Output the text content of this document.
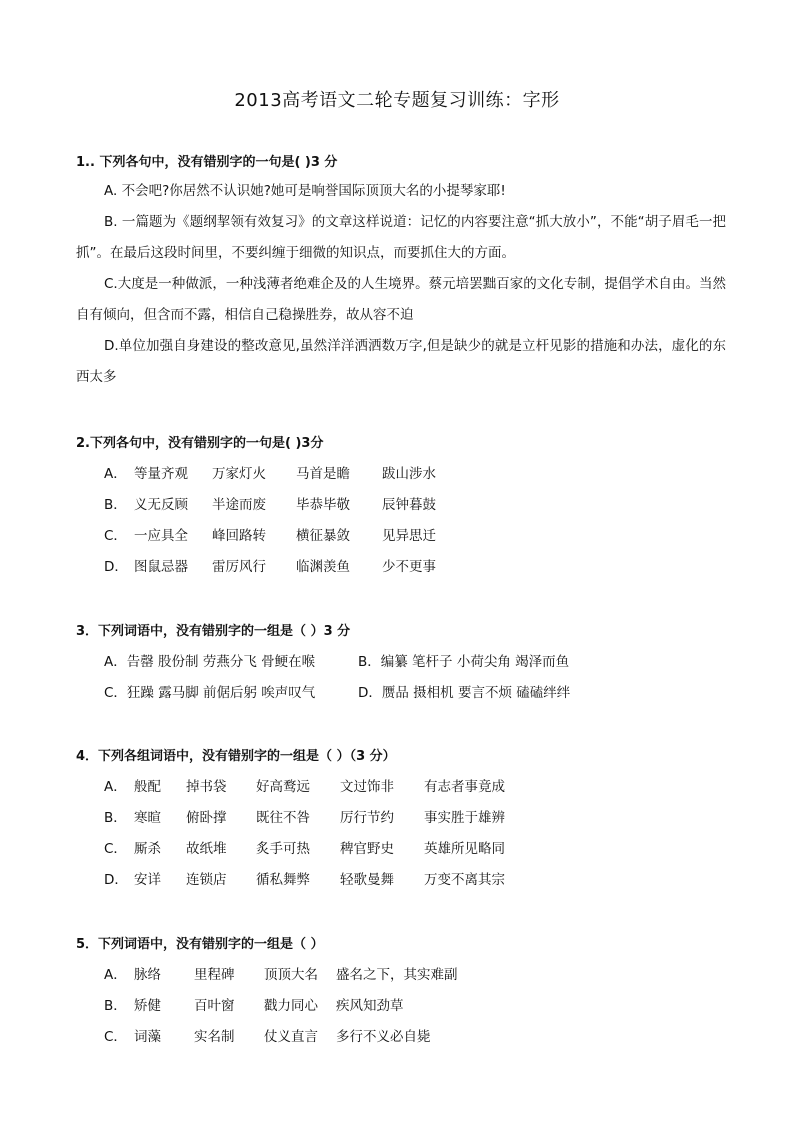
2013高考语文二轮专题复习训练：字形
1.. 下列各句中，没有错别字的一句是( )3 分
A. 不会吧?你居然不认识她?她可是响誉国际顶顶大名的小提琴家耶!
B. 一篇题为《题纲挈领有效复习》的文章这样说道：记忆的内容要注意“抓大放小”，不能“胡子眉毛一把抓”。在最后这段时间里，不要纠缠于细微的知识点，而要抓住大的方面。
C.大度是一种做派，一种浅薄者绝难企及的人生境界。蔡元培罢黜百家的文化专制，提倡学术自由。当然自有倾向，但含而不露，相信自己稳操胜券，故从容不迫
D.单位加强自身建设的整改意见,虽然洋洋洒洒数万字,但是缺少的就是立杆见影的措施和办法，虚化的东西太多
2.下列各句中，没有错别字的一句是( )3分
A． 等量齐观	万家灯火	马首是瞻	跋山涉水
B． 义无反顾	半途而废	毕恭毕敬	辰钟暮鼓
C． 一应具全	峰回路转	横征暴敛	见异思迁
D． 图鼠忌器	雷厉风行	临渊羡鱼	少不更事
3．下列词语中，没有错别字的一组是（ ）3 分
A．告罄 股份制 劳燕分飞 骨鲠在喉	B．编纂 笔杆子 小荷尖角 竭泽而鱼
C．狂躁 露马脚 前倨后躬 唉声叹气	D．赝品 摄相机 要言不烦 磕磕绊绊
4．下列各组词语中，没有错别字的一组是（ ）（3 分）
A． 般配	掉书袋	好高鹜远	文过饰非	有志者事竟成
B． 寒暄	俯卧撑	既往不咎	厉行节约	事实胜于雄辨
C． 厮杀	故纸堆	炙手可热	稗官野史	英雄所见略同
D． 安详	连锁店	循私舞弊	轻歌曼舞	万变不离其宗
5．下列词语中，没有错别字的一组是（ ）
A． 脉络	里程碑	顶顶大名	盛名之下，其实难副
B． 矫健	百叶窗	戳力同心	疾风知劲草
C． 词藻	实名制	仗义直言	多行不义必自毙
